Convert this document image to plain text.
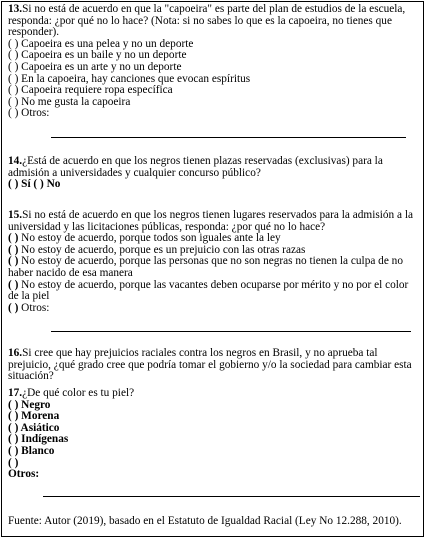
13.Si no está de acuerdo en que la "capoeira" es parte del plan de estudios de la escuela, responda: ¿por qué no lo hace? (Nota: si no sabes lo que es la capoeira, no tienes que responder).
( ) Capoeira es una pelea y no un deporte
( ) Capoeira es un baile y no un deporte
( ) Capoeira es un arte y no un deporte
( ) En la capoeira, hay canciones que evocan espíritus
( ) Capoeira requiere ropa específica
( ) No me gusta la capoeira
( ) Otros:
14.¿Está de acuerdo en que los negros tienen plazas reservadas (exclusivas) para la admisión a universidades y cualquier concurso público?
( ) Sí ( ) No
15.Si no está de acuerdo en que los negros tienen lugares reservados para la admisión a la universidad y las licitaciones públicas, responda: ¿por qué no lo hace?
( ) No estoy de acuerdo, porque todos son iguales ante la ley
( ) No estoy de acuerdo, porque es un prejuicio con las otras razas
( ) No estoy de acuerdo, porque las personas que no son negras no tienen la culpa de no haber nacido de esa manera
( ) No estoy de acuerdo, porque las vacantes deben ocuparse por mérito y no por el color de la piel
( ) Otros:
16.Si cree que hay prejuicios raciales contra los negros en Brasil, y no aprueba tal prejuicio, ¿qué grado cree que podría tomar el gobierno y/o la sociedad para cambiar esta situación?
17.¿De qué color es tu piel?
( ) Negro
( ) Morena
( ) Asiático
( ) Indígenas
( ) Blanco
( )
Otros:
Fuente: Autor (2019), basado en el Estatuto de Igualdad Racial (Ley No 12.288, 2010).
